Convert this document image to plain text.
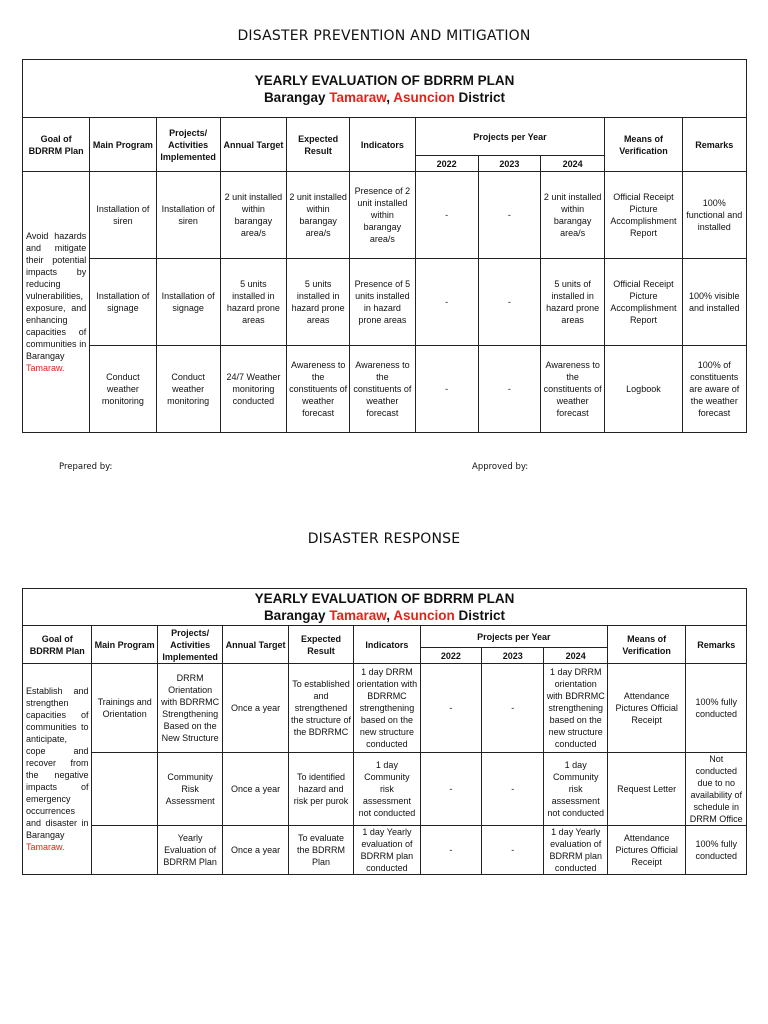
DISASTER PREVENTION AND MITIGATION
YEARLY EVALUATION OF BDRRM PLAN
Barangay Tamaraw, Asuncion District										

Goal of BDRRM Plan	Main Program	Projects/ Activities Implemented	Annual Target	Expected Result	Indicators	Projects per Year			Means of Verification	Remarks
						2022	2023	2024		
Avoid hazards and mitigate their potential impacts by reducing vulnerabilities, exposure, and enhancing capacities of communities in Barangay Tamaraw.	Installation of siren	Installation of siren	2 unit installed within barangay area/s	2 unit installed within barangay area/s	Presence of 2 unit installed within barangay area/s	-	-	2 unit installed within barangay area/s	Official Receipt Picture Accomplishment Report	100% functional and installed
	Installation of signage	Installation of signage	5 units installed in hazard prone areas	5 units installed in hazard prone areas	Presence of 5 units installed in hazard prone areas	-	-	5 units of installed in hazard prone areas	Official Receipt Picture Accomplishment Report	100% visible and installed
	Conduct weather monitoring	Conduct weather monitoring	24/7 Weather monitoring conducted	Awareness to the constituents of weather forecast	Awareness to the constituents of weather forecast	-	-	Awareness to the constituents of weather forecast	Logbook	100% of constituents are aware of the weather forecast
Prepared by:	Approved by:
DISASTER RESPONSE
YEARLY EVALUATION OF BDRRM PLAN
Barangay Tamaraw, Asuncion District										

Goal of BDRRM Plan	Main Program	Projects/ Activities Implemented	Annual Target	Expected Result	Indicators	Projects per Year			Means of Verification	Remarks
						2022	2023	2024		
Establish and strengthen capacities of communities to anticipate, cope and recover from the negative impacts of emergency occurrences and disaster in Barangay Tamaraw.	Trainings and Orientation	DRRM Orientation with BDRRMC Strengthening Based on the New Structure	Once a year	To established and strengthened the structure of the BDRRMC	1 day DRRM orientation with BDRRMC strengthening based on the new structure conducted	-	-	1 day DRRM orientation with BDRRMC strengthening based on the new structure conducted	Attendance Pictures Official Receipt	100% fully conducted
		Community Risk Assessment	Once a year	To identified hazard and risk per purok	1 day Community risk assessment not conducted	-	-	1 day Community risk assessment not conducted	Request Letter	Not conducted due to no availability of schedule in DRRM Office
		Yearly Evaluation of BDRRM Plan	Once a year	To evaluate the BDRRM Plan	1 day Yearly evaluation of BDRRM plan conducted	-	-	1 day Yearly evaluation of BDRRM plan conducted	Attendance Pictures Official Receipt	100% fully conducted
